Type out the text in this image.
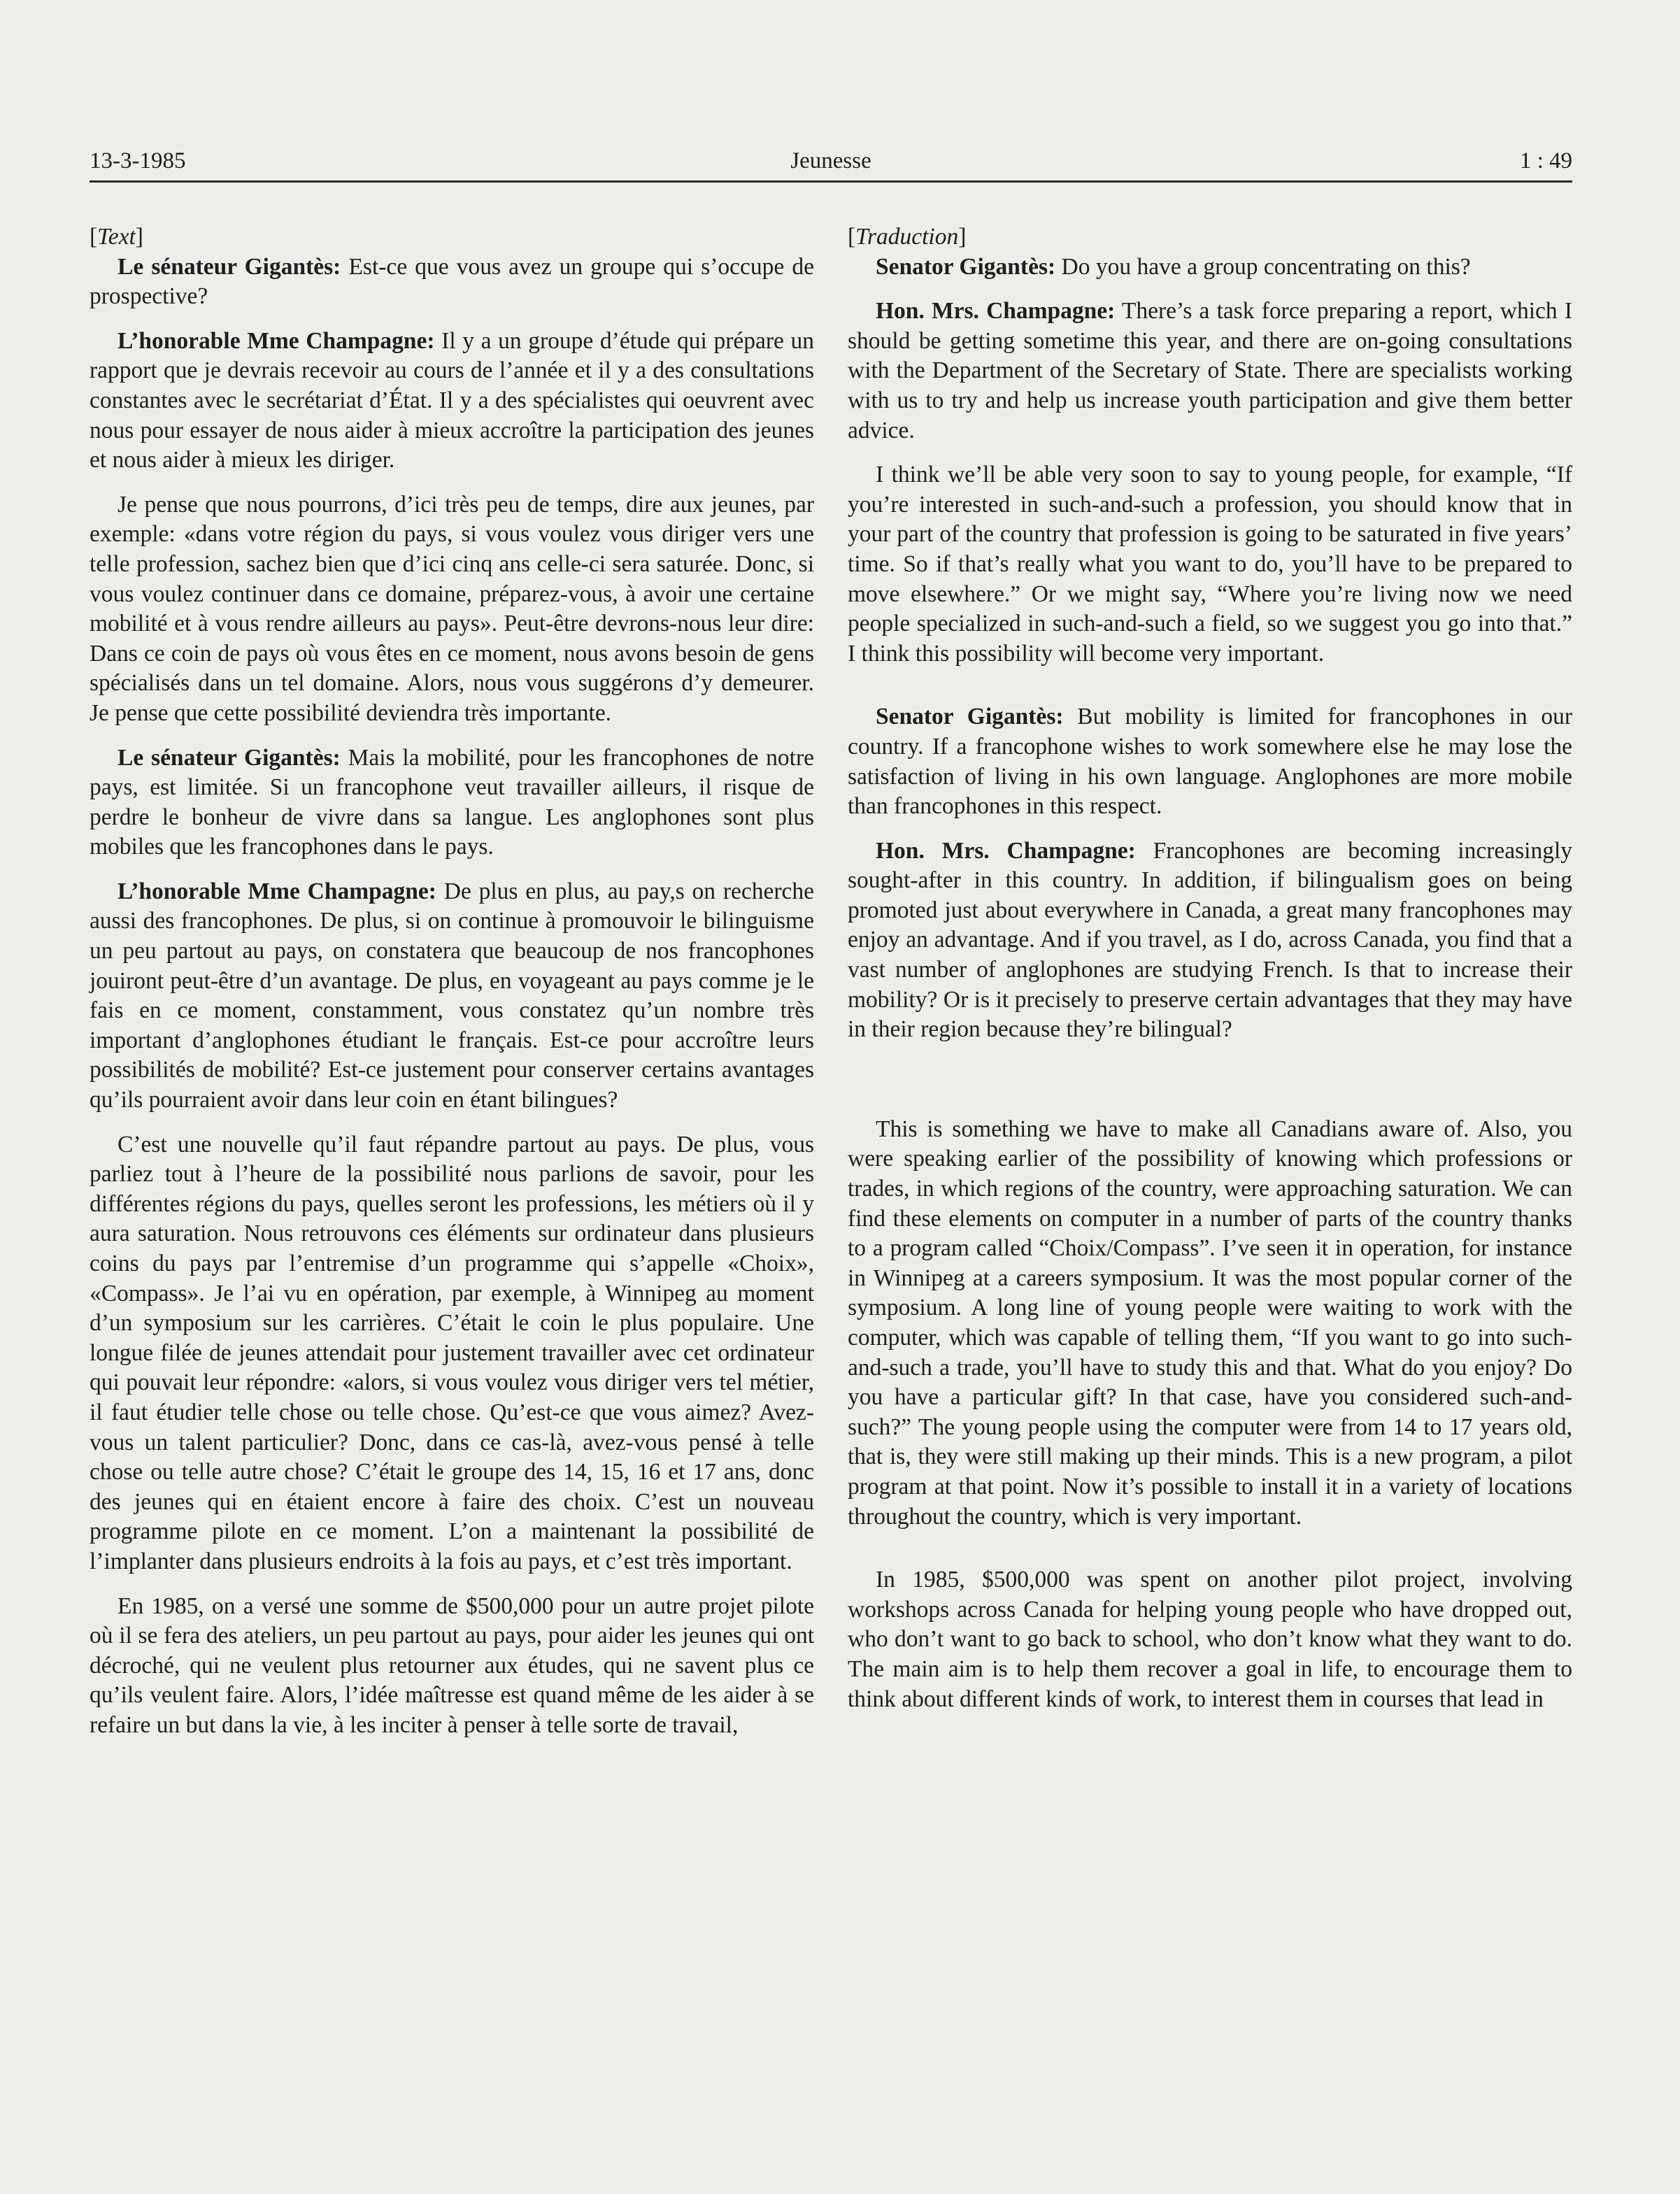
13-3-1985	Jeunesse	1 : 49

[Text]

Le sénateur Gigantès: Est-ce que vous avez un groupe qui s’occupe de prospective?

L’honorable Mme Champagne: Il y a un groupe d’étude qui prépare un rapport que je devrais recevoir au cours de l’année et il y a des consultations constantes avec le secrétariat d’État. Il y a des spécialistes qui oeuvrent avec nous pour essayer de nous aider à mieux accroître la participation des jeunes et nous aider à mieux les diriger.

Je pense que nous pourrons, d’ici très peu de temps, dire aux jeunes, par exemple: «dans votre région du pays, si vous voulez vous diriger vers une telle profession, sachez bien que d’ici cinq ans celle-ci sera saturée. Donc, si vous voulez continuer dans ce domaine, préparez-vous, à avoir une certaine mobilité et à vous rendre ailleurs au pays». Peut-être devrons-nous leur dire: Dans ce coin de pays où vous êtes en ce moment, nous avons besoin de gens spécialisés dans un tel domaine. Alors, nous vous suggérons d’y demeurer. Je pense que cette possibilité deviendra très importante.

Le sénateur Gigantès: Mais la mobilité, pour les francophones de notre pays, est limitée. Si un francophone veut travailler ailleurs, il risque de perdre le bonheur de vivre dans sa langue. Les anglophones sont plus mobiles que les francophones dans le pays.

L’honorable Mme Champagne: De plus en plus, au pay,s on recherche aussi des francophones. De plus, si on continue à promouvoir le bilinguisme un peu partout au pays, on constatera que beaucoup de nos francophones jouiront peut-être d’un avantage. De plus, en voyageant au pays comme je le fais en ce moment, constamment, vous constatez qu’un nombre très important d’anglophones étudiant le français. Est-ce pour accroître leurs possibilités de mobilité? Est-ce justement pour conserver certains avantages qu’ils pourraient avoir dans leur coin en étant bilingues?

C’est une nouvelle qu’il faut répandre partout au pays. De plus, vous parliez tout à l’heure de la possibilité nous parlions de savoir, pour les différentes régions du pays, quelles seront les professions, les métiers où il y aura saturation. Nous retrouvons ces éléments sur ordinateur dans plusieurs coins du pays par l’entremise d’un programme qui s’appelle «Choix», «Compass». Je l’ai vu en opération, par exemple, à Winnipeg au moment d’un symposium sur les carrières. C’était le coin le plus populaire. Une longue filée de jeunes attendait pour justement travailler avec cet ordinateur qui pouvait leur répondre: «alors, si vous voulez vous diriger vers tel métier, il faut étudier telle chose ou telle chose. Qu’est-ce que vous aimez? Avez-vous un talent particulier? Donc, dans ce cas-là, avez-vous pensé à telle chose ou telle autre chose? C’était le groupe des 14, 15, 16 et 17 ans, donc des jeunes qui en étaient encore à faire des choix. C’est un nouveau programme pilote en ce moment. L’on a maintenant la possibilité de l’implanter dans plusieurs endroits à la fois au pays, et c’est très important.

En 1985, on a versé une somme de $500,000 pour un autre projet pilote où il se fera des ateliers, un peu partout au pays, pour aider les jeunes qui ont décroché, qui ne veulent plus retourner aux études, qui ne savent plus ce qu’ils veulent faire. Alors, l’idée maîtresse est quand même de les aider à se refaire un but dans la vie, à les inciter à penser à telle sorte de travail,

[Traduction]

Senator Gigantès: Do you have a group concentrating on this?

Hon. Mrs. Champagne: There’s a task force preparing a report, which I should be getting sometime this year, and there are on-going consultations with the Department of the Secretary of State. There are specialists working with us to try and help us increase youth participation and give them better advice.

I think we’ll be able very soon to say to young people, for example, “If you’re interested in such-and-such a profession, you should know that in your part of the country that profession is going to be saturated in five years’ time. So if that’s really what you want to do, you’ll have to be prepared to move elsewhere.” Or we might say, “Where you’re living now we need people specialized in such-and-such a field, so we suggest you go into that.” I think this possibility will become very important.

Senator Gigantès: But mobility is limited for francophones in our country. If a francophone wishes to work somewhere else he may lose the satisfaction of living in his own language. Anglophones are more mobile than francophones in this respect.

Hon. Mrs. Champagne: Francophones are becoming increasingly sought-after in this country. In addition, if bilingualism goes on being promoted just about everywhere in Canada, a great many francophones may enjoy an advantage. And if you travel, as I do, across Canada, you find that a vast number of anglophones are studying French. Is that to increase their mobility? Or is it precisely to preserve certain advantages that they may have in their region because they’re bilingual?

This is something we have to make all Canadians aware of. Also, you were speaking earlier of the possibility of knowing which professions or trades, in which regions of the country, were approaching saturation. We can find these elements on computer in a number of parts of the country thanks to a program called “Choix/Compass”. I’ve seen it in operation, for instance in Winnipeg at a careers symposium. It was the most popular corner of the symposium. A long line of young people were waiting to work with the computer, which was capable of telling them, “If you want to go into such-and-such a trade, you’ll have to study this and that. What do you enjoy? Do you have a particular gift? In that case, have you considered such-and-such?” The young people using the computer were from 14 to 17 years old, that is, they were still making up their minds. This is a new program, a pilot program at that point. Now it’s possible to install it in a variety of locations throughout the country, which is very important.

In 1985, $500,000 was spent on another pilot project, involving workshops across Canada for helping young people who have dropped out, who don’t want to go back to school, who don’t know what they want to do. The main aim is to help them recover a goal in life, to encourage them to think about different kinds of work, to interest them in courses that lead in
